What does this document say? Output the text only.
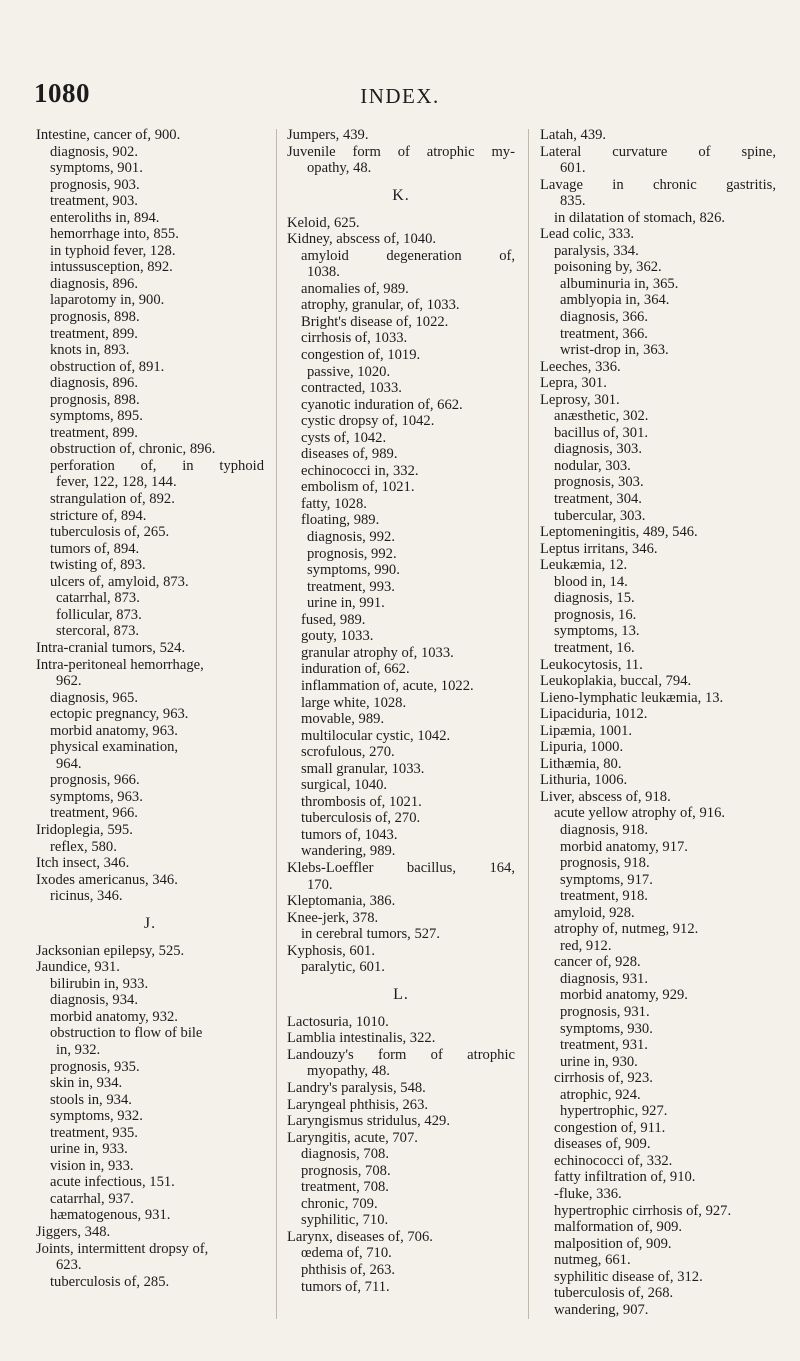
1080	INDEX.
Intestine, cancer of, 900.
diagnosis, 902.
symptoms, 901.
prognosis, 903.
treatment, 903.
enteroliths in, 894.
hemorrhage into, 855.
in typhoid fever, 128.
intussusception, 892.
diagnosis, 896.
laparotomy in, 900.
prognosis, 898.
treatment, 899.
knots in, 893.
obstruction of, 891.
diagnosis, 896.
prognosis, 898.
symptoms, 895.
treatment, 899.
obstruction of, chronic, 896.
perforation of, in typhoid
fever, 122, 128, 144.
strangulation of, 892.
stricture of, 894.
tuberculosis of, 265.
tumors of, 894.
twisting of, 893.
ulcers of, amyloid, 873.
catarrhal, 873.
follicular, 873.
stercoral, 873.
Intra-cranial tumors, 524.
Intra-peritoneal hemorrhage,
962.
diagnosis, 965.
ectopic pregnancy, 963.
morbid anatomy, 963.
physical examination,
964.
prognosis, 966.
symptoms, 963.
treatment, 966.
Iridoplegia, 595.
reflex, 580.
Itch insect, 346.
Ixodes americanus, 346.
ricinus, 346.
J.
Jacksonian epilepsy, 525.
Jaundice, 931.
bilirubin in, 933.
diagnosis, 934.
morbid anatomy, 932.
obstruction to flow of bile
in, 932.
prognosis, 935.
skin in, 934.
stools in, 934.
symptoms, 932.
treatment, 935.
urine in, 933.
vision in, 933.
acute infectious, 151.
catarrhal, 937.
hæmatogenous, 931.
Jiggers, 348.
Joints, intermittent dropsy of,
623.
tuberculosis of, 285.
Jumpers, 439.
Juvenile form of atrophic my-
opathy, 48.
K.
Keloid, 625.
Kidney, abscess of, 1040.
amyloid	degeneration	of,
1038.
anomalies of, 989.
atrophy, granular, of, 1033.
Bright's disease of, 1022.
cirrhosis of, 1033.
congestion of, 1019.
passive, 1020.
contracted, 1033.
cyanotic induration of, 662.
cystic dropsy of, 1042.
cysts of, 1042.
diseases of, 989.
echinococci in, 332.
embolism of, 1021.
fatty, 1028.
floating, 989.
diagnosis, 992.
prognosis, 992.
symptoms, 990.
treatment, 993.
urine in, 991.
fused, 989.
gouty, 1033.
granular atrophy of, 1033.
induration of, 662.
inflammation of, acute, 1022.
large white, 1028.
movable, 989.
multilocular cystic, 1042.
scrofulous, 270.
small granular, 1033.
surgical, 1040.
thrombosis of, 1021.
tuberculosis of, 270.
tumors of, 1043.
wandering, 989.
Klebs-Loeffler bacillus, 164,
170.
Kleptomania, 386.
Knee-jerk, 378.
in cerebral tumors, 527.
Kyphosis, 601.
paralytic, 601.
L.
Lactosuria, 1010.
Lamblia intestinalis, 322.
Landouzy's form of atrophic
myopathy, 48.
Landry's paralysis, 548.
Laryngeal phthisis, 263.
Laryngismus stridulus, 429.
Laryngitis, acute, 707.
diagnosis, 708.
prognosis, 708.
treatment, 708.
chronic, 709.
syphilitic, 710.
Larynx, diseases of, 706.
œdema of, 710.
phthisis of, 263.
tumors of, 711.
Latah, 439.
Lateral curvature of spine,
601.
Lavage in chronic gastritis,
835.
in dilatation of stomach, 826.
Lead colic, 333.
paralysis, 334.
poisoning by, 362.
albuminuria in, 365.
amblyopia in, 364.
diagnosis, 366.
treatment, 366.
wrist-drop in, 363.
Leeches, 336.
Lepra, 301.
Leprosy, 301.
anæsthetic, 302.
bacillus of, 301.
diagnosis, 303.
nodular, 303.
prognosis, 303.
treatment, 304.
tubercular, 303.
Leptomeningitis, 489, 546.
Leptus irritans, 346.
Leukæmia, 12.
blood in, 14.
diagnosis, 15.
prognosis, 16.
symptoms, 13.
treatment, 16.
Leukocytosis, 11.
Leukoplakia, buccal, 794.
Lieno-lymphatic leukæmia, 13.
Lipaciduria, 1012.
Lipæmia, 1001.
Lipuria, 1000.
Lithæmia, 80.
Lithuria, 1006.
Liver, abscess of, 918.
acute yellow atrophy of, 916.
diagnosis, 918.
morbid anatomy, 917.
prognosis, 918.
symptoms, 917.
treatment, 918.
amyloid, 928.
atrophy of, nutmeg, 912.
red, 912.
cancer of, 928.
diagnosis, 931.
morbid anatomy, 929.
prognosis, 931.
symptoms, 930.
treatment, 931.
urine in, 930.
cirrhosis of, 923.
atrophic, 924.
hypertrophic, 927.
congestion of, 911.
diseases of, 909.
echinococci of, 332.
fatty infiltration of, 910.
-fluke, 336.
hypertrophic cirrhosis of, 927.
malformation of, 909.
malposition of, 909.
nutmeg, 661.
syphilitic disease of, 312.
tuberculosis of, 268.
wandering, 907.
